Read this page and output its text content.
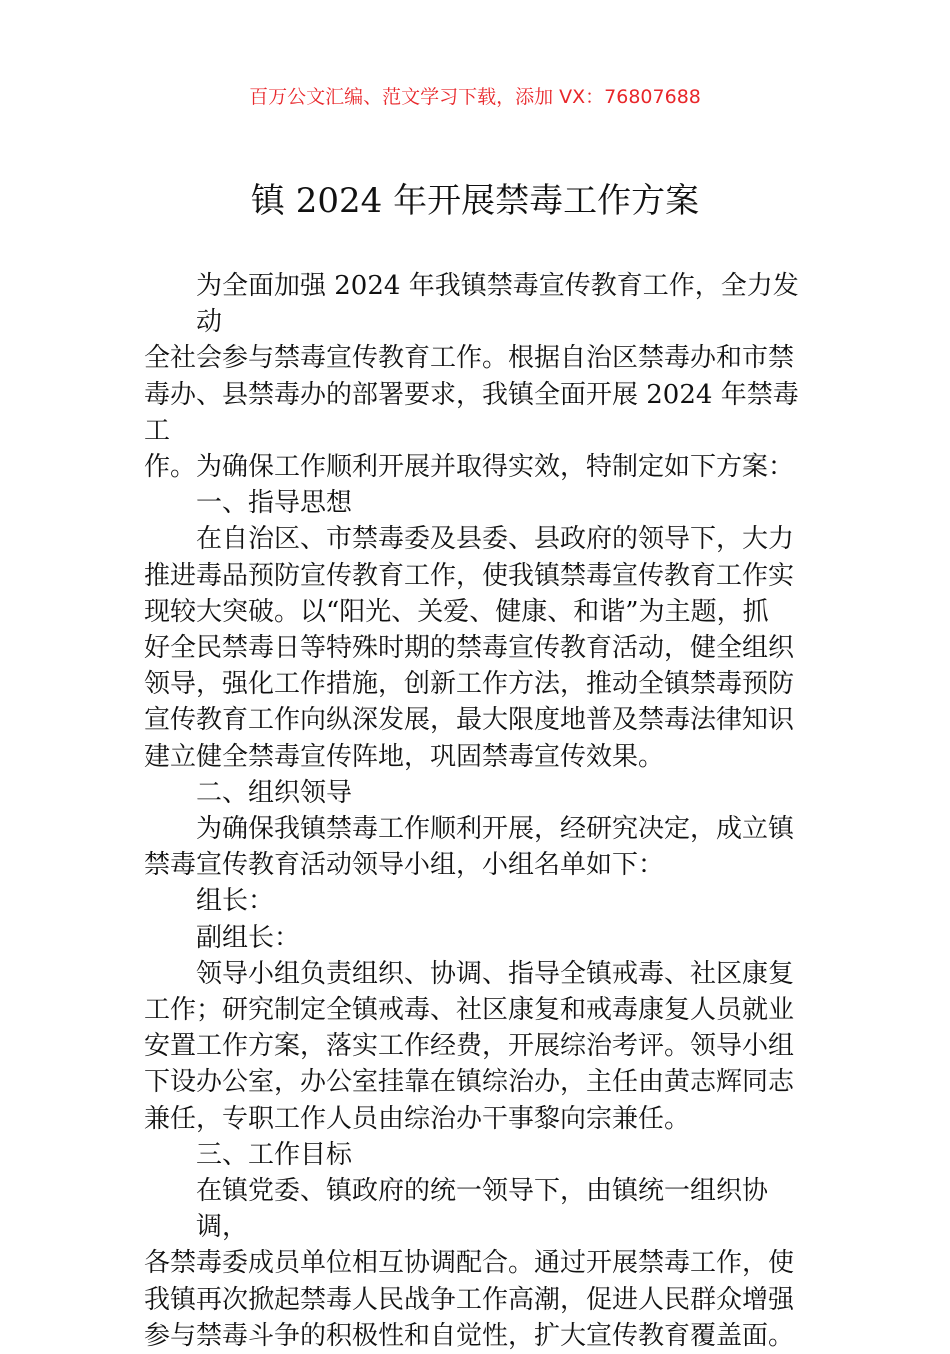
百万公文汇编、范文学习下载，添加 VX：76807688
镇 2024 年开展禁毒工作方案
为全面加强 2024 年我镇禁毒宣传教育工作，全力发动
全社会参与禁毒宣传教育工作。根据自治区禁毒办和市禁
毒办、县禁毒办的部署要求，我镇全面开展 2024 年禁毒工
作。为确保工作顺利开展并取得实效，特制定如下方案：
一、指导思想
在自治区、市禁毒委及县委、县政府的领导下，大力
推进毒品预防宣传教育工作，使我镇禁毒宣传教育工作实
现较大突破。以“阳光、关爱、健康、和谐”为主题，抓
好全民禁毒日等特殊时期的禁毒宣传教育活动，健全组织
领导，强化工作措施，创新工作方法，推动全镇禁毒预防
宣传教育工作向纵深发展，最大限度地普及禁毒法律知识
建立健全禁毒宣传阵地，巩固禁毒宣传效果。
二、组织领导
为确保我镇禁毒工作顺利开展，经研究决定，成立镇
禁毒宣传教育活动领导小组，小组名单如下：
组长：
副组长：
领导小组负责组织、协调、指导全镇戒毒、社区康复
工作；研究制定全镇戒毒、社区康复和戒毒康复人员就业
安置工作方案，落实工作经费，开展综治考评。领导小组
下设办公室，办公室挂靠在镇综治办，主任由黄志辉同志
兼任，专职工作人员由综治办干事黎向宗兼任。
三、工作目标
在镇党委、镇政府的统一领导下，由镇统一组织协调，
各禁毒委成员单位相互协调配合。通过开展禁毒工作，使
我镇再次掀起禁毒人民战争工作高潮，促进人民群众增强
参与禁毒斗争的积极性和自觉性，扩大宣传教育覆盖面。
